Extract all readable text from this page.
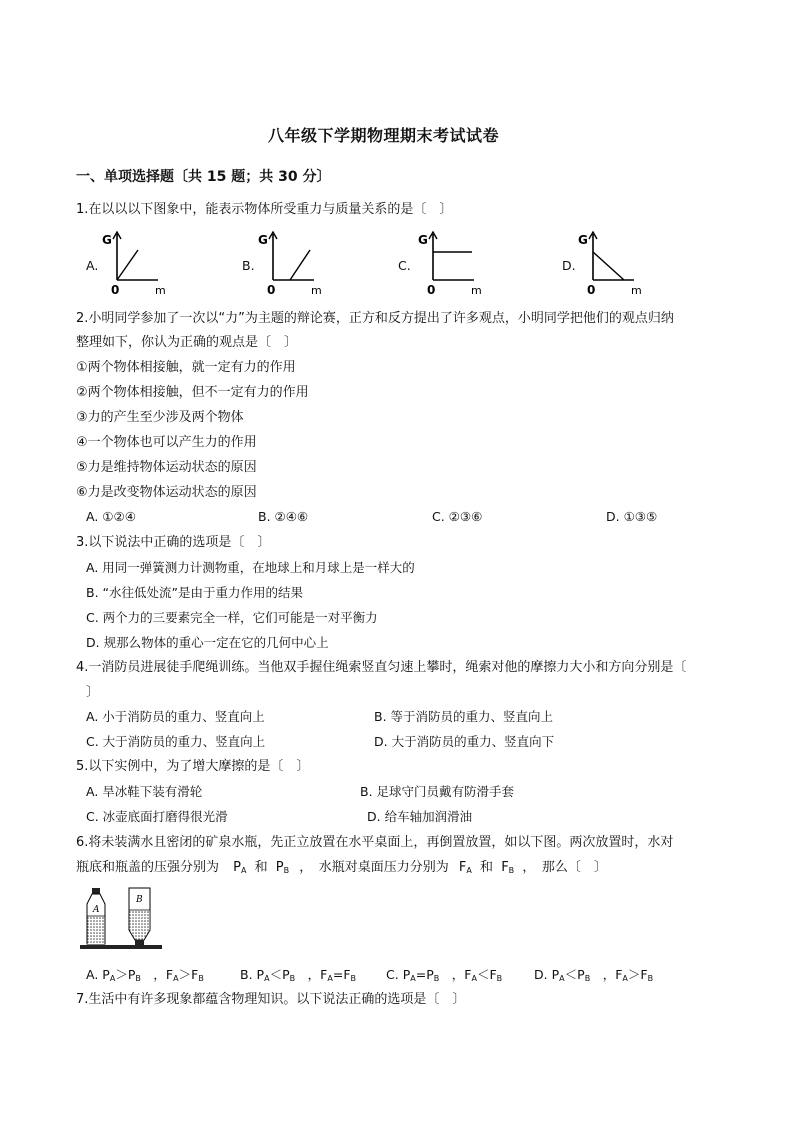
八年级下学期物理期末考试试卷
一、单项选择题〔共 15 题；共 30 分〕
1.在以以以下图象中，能表示物体所受重力与质量关系的是〔　〕
A.
G
0	m
B.
G
0	m
C.
G
0	m
D.
G
0	m
2.小明同学参加了一次以“力”为主题的辩论赛，正方和反方提出了许多观点，小明同学把他们的观点归纳
整理如下，你认为正确的观点是〔　〕
①两个物体相接触，就一定有力的作用
②两个物体相接触，但不一定有力的作用
③力的产生至少涉及两个物体
④一个物体也可以产生力的作用
⑤力是维持物体运动状态的原因
⑥力是改变物体运动状态的原因
A. ①②④	B. ②④⑥	C. ②③⑥	D. ①③⑤
3.以下说法中正确的选项是〔　〕
A. 用同一弹簧测力计测物重，在地球上和月球上是一样大的
B. “水往低处流”是由于重力作用的结果
C. 两个力的三要素完全一样，它们可能是一对平衡力
D. 规那么物体的重心一定在它的几何中心上
4.一消防员进展徒手爬绳训练。当他双手握住绳索竖直匀速上攀时，绳索对他的摩擦力大小和方向分别是〔
〕
A. 小于消防员的重力、竖直向上	B. 等于消防员的重力、竖直向上
C. 大于消防员的重力、竖直向上	D. 大于消防员的重力、竖直向下
5.以下实例中，为了增大摩擦的是〔　〕
A. 旱冰鞋下装有滑轮	B. 足球守门员戴有防滑手套
C. 冰壶底面打磨得很光滑	D. 给车轴加润滑油
6.将未装满水且密闭的矿泉水瓶，先正立放置在水平桌面上，再倒置放置，如以下图。两次放置时，水对
瓶底和瓶盖的压强分别为 $P_A$ 和 $P_B$ ，　水瓶对桌面压力分别为 $F_A$ 和 $F_B$ ，　那么〔　〕
A
B
A. $P_A>P_B$　，$F_A>F_B$	B. $P_A<P_B$　，$F_A=F_B$ C. $P_A=P_B$　，$F_A<F_B$	D. $P_A<P_B$　，$F_A>F_B$
7.生活中有许多现象都蕴含物理知识。以下说法正确的选项是〔　〕
